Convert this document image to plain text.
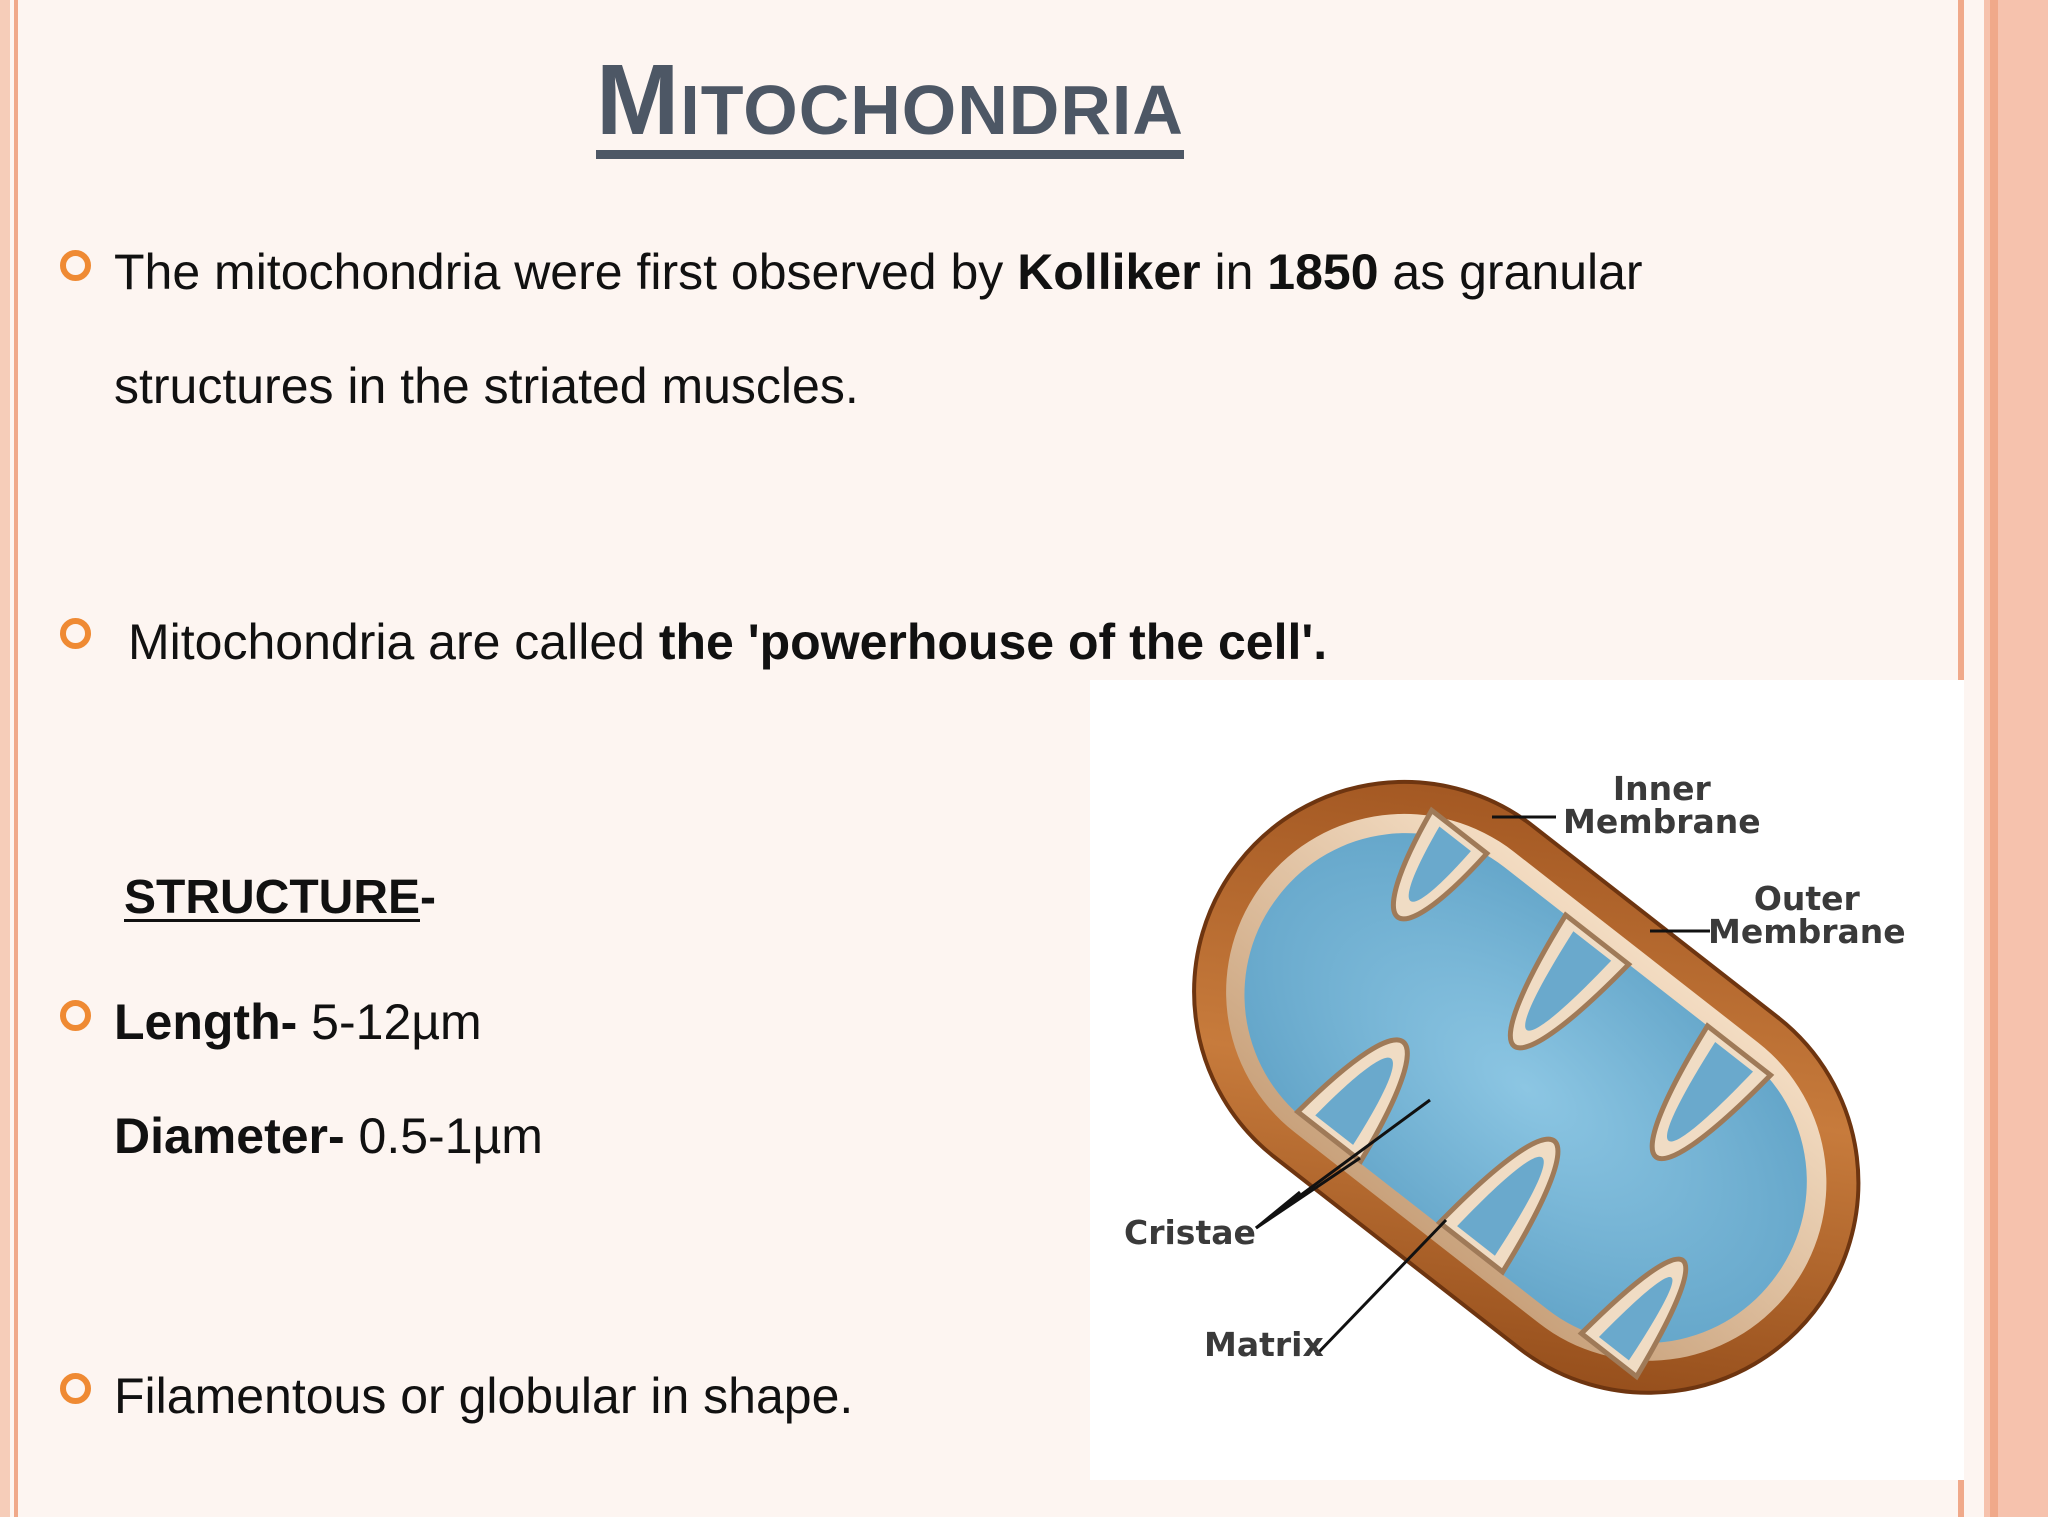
Mitochondria

The mitochondria were first observed by Kolliker in 1850 as granular

structures in the striated muscles.

Mitochondria are called the 'powerhouse of the cell'.

STRUCTURE-

Length- 5-12µm

Diameter- 0.5-1µm

Filamentous or globular in shape.

Inner
Membrane
Outer
Membrane
Cristae
Matrix
